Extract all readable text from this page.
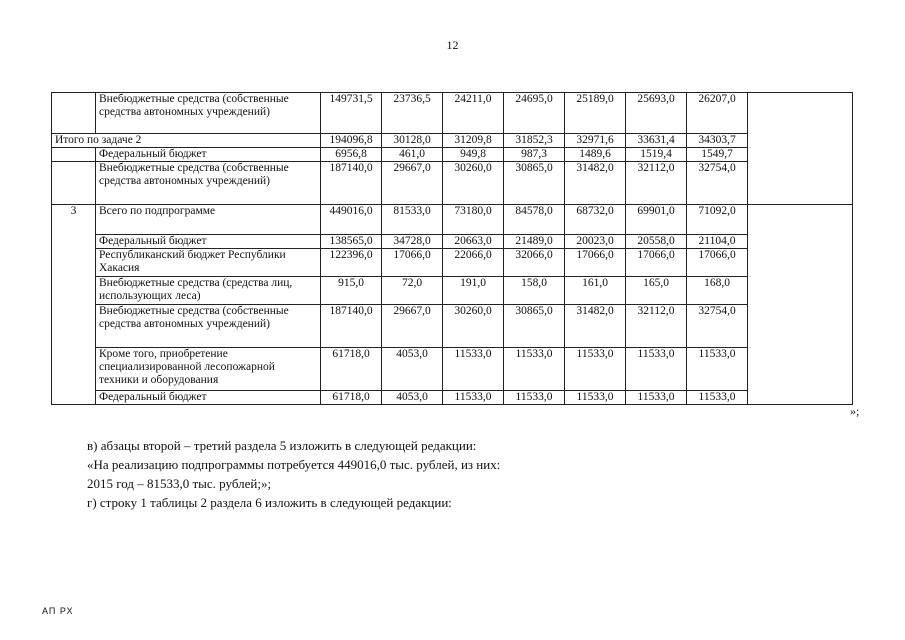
12
	Внебюджетные средства (собственные средства автономных учреждений)	149731,5	23736,5	24211,0	24695,0	25189,0	25693,0	26207,0	
Итого по задаче 2		194096,8	30128,0	31209,8	31852,3	32971,6	33631,4	34303,7	
	Федеральный бюджет	6956,8	461,0	949,8	987,3	1489,6	1519,4	1549,7	
	Внебюджетные средства (собственные средства автономных учреждений)	187140,0	29667,0	30260,0	30865,0	31482,0	32112,0	32754,0	
3	Всего по подпрограмме	449016,0	81533,0	73180,0	84578,0	68732,0	69901,0	71092,0	
	Федеральный бюджет	138565,0	34728,0	20663,0	21489,0	20023,0	20558,0	21104,0	
	Республиканский бюджет Республики Хакасия	122396,0	17066,0	22066,0	32066,0	17066,0	17066,0	17066,0	
	Внебюджетные средства (средства лиц, использующих леса)	915,0	72,0	191,0	158,0	161,0	165,0	168,0	
	Внебюджетные средства (собственные средства автономных учреждений)	187140,0	29667,0	30260,0	30865,0	31482,0	32112,0	32754,0	
	Кроме того, приобретение специализированной лесопожарной техники и оборудования	61718,0	4053,0	11533,0	11533,0	11533,0	11533,0	11533,0	
	Федеральный бюджет	61718,0	4053,0	11533,0	11533,0	11533,0	11533,0	11533,0	
»;

в) абзацы второй – третий раздела 5 изложить в следующей редакции:

«На реализацию подпрограммы потребуется 449016,0 тыс. рублей, из них:

2015 год – 81533,0 тыс. рублей;»;

г) строку 1 таблицы 2 раздела 6 изложить в следующей редакции:

АП РХ
